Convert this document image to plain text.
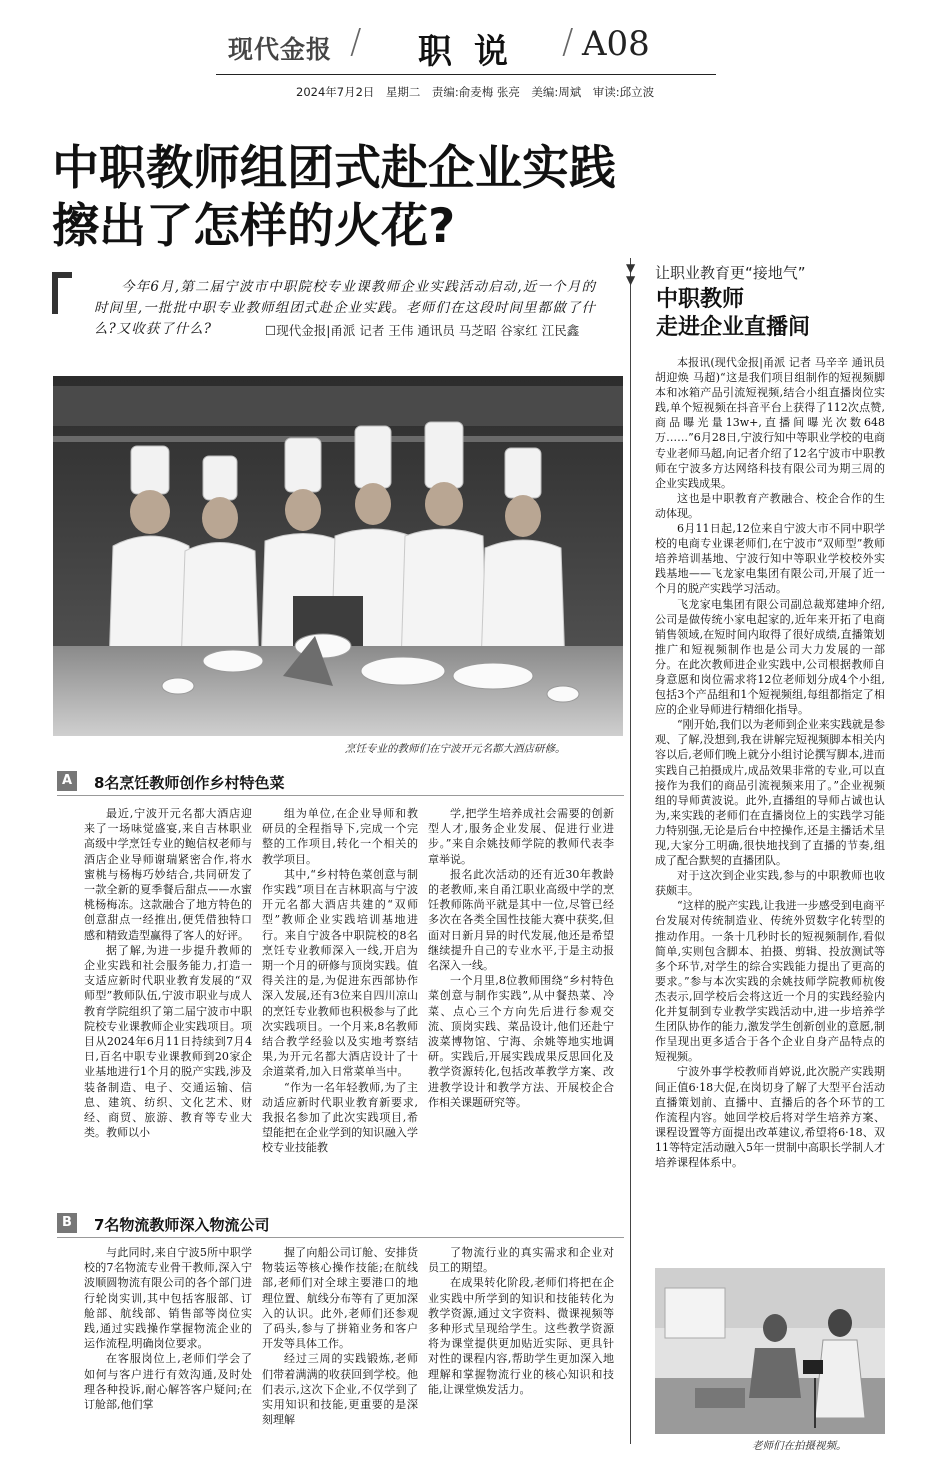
现代金报 / 职说 / A08
2024年7月2日　星期二　责编:俞麦梅 张亮　美编:周斌　审读:邱立波
中职教师组团式赴企业实践
擦出了怎样的火花?
今年6月,第二届宁波市中职院校专业课教师企业实践活动启动,近一个月的时间里,一批批中职专业教师组团式赴企业实践。老师们在这段时间里都做了什么?又收获了什么?	☐现代金报|甬派 记者 王伟 通讯员 马芝昭 谷家红 江民鑫
烹饪专业的教师们在宁波开元名都大酒店研修。
A	8名烹饪教师创作乡村特色菜

最近,宁波开元名都大酒店迎来了一场味觉盛宴,来自吉林职业高级中学烹饪专业的鲍信权老师与酒店企业导师谢瑞紧密合作,将水蜜桃与杨梅巧妙结合,共同研发了一款全新的夏季餐后甜点——水蜜桃杨梅冻。这款融合了地方特色的创意甜点一经推出,便凭借独特口感和精致造型赢得了客人的好评。

据了解,为进一步提升教师的企业实践和社会服务能力,打造一支适应新时代职业教育发展的“双师型”教师队伍,宁波市职业与成人教育学院组织了第二届宁波市中职院校专业课教师企业实践项目。项目从2024年6月11日持续到7月4日,百名中职专业课教师到20家企业基地进行1个月的脱产实践,涉及装备制造、电子、交通运输、信息、建筑、纺织、文化艺术、财经、商贸、旅游、教育等专业大类。教师以小

组为单位,在企业导师和教研员的全程指导下,完成一个完整的工作项目,转化一个相关的教学项目。

其中,“乡村特色菜创意与制作实践”项目在吉林职高与宁波开元名都大酒店共建的“双师型”教师企业实践培训基地进行。来自宁波各中职院校的8名烹饪专业教师深入一线,开启为期一个月的研修与顶岗实践。值得关注的是,为促进东西部协作深入发展,还有3位来自四川凉山的烹饪专业教师也积极参与了此次实践项目。一个月来,8名教师结合教学经验以及实地考察结果,为开元名都大酒店设计了十余道菜肴,加入日常菜单当中。

“作为一名年轻教师,为了主动适应新时代职业教育新要求,我报名参加了此次实践项目,希望能把在企业学到的知识融入学校专业技能教

学,把学生培养成社会需要的创新型人才,服务企业发展、促进行业进步。”来自余姚技师学院的教师代表李章举说。

报名此次活动的还有近30年教龄的老教师,来自甬江职业高级中学的烹饪教师陈尚平就是其中一位,尽管已经多次在各类全国性技能大赛中获奖,但面对日新月异的时代发展,他还是希望继续提升自己的专业水平,于是主动报名深入一线。

一个月里,8位教师围绕“乡村特色菜创意与制作实践”,从中餐热菜、冷菜、点心三个方向先后进行参观交流、顶岗实践、菜品设计,他们还赴宁波菜博物馆、宁海、余姚等地实地调研。实践后,开展实践成果反思回化及教学资源转化,包括改革教学方案、改进教学设计和教学方法、开展校企合作相关课题研究等。

B	7名物流教师深入物流公司

与此同时,来自宁波5所中职学校的7名物流专业骨干教师,深入宁波顺圆物流有限公司的各个部门进行轮岗实训,其中包括客服部、订舱部、航线部、销售部等岗位实践,通过实践操作掌握物流企业的运作流程,明确岗位要求。

在客服岗位上,老师们学会了如何与客户进行有效沟通,及时处理各种投诉,耐心解答客户疑问;在订舱部,他们掌

握了向船公司订舱、安排货物装运等核心操作技能;在航线部,老师们对全球主要港口的地理位置、航线分布等有了更加深入的认识。此外,老师们还参观了码头,参与了拼箱业务和客户开发等具体工作。

经过三周的实践锻炼,老师们带着满满的收获回到学校。他们表示,这次下企业,不仅学到了实用知识和技能,更重要的是深刻理解

了物流行业的真实需求和企业对员工的期望。

在成果转化阶段,老师们将把在企业实践中所学到的知识和技能转化为教学资源,通过文字资料、微课视频等多种形式呈现给学生。这些教学资源将为课堂提供更加贴近实际、更具针对性的课程内容,帮助学生更加深入地理解和掌握物流行业的核心知识和技能,让课堂焕发活力。

▼
▼ 让职业教育更“接地气”
中职教师
走进企业直播间

本报讯(现代金报|甬派 记者 马辛辛 通讯员 胡迎焕 马超)“这是我们项目组制作的短视频脚本和冰箱产品引流短视频,结合小组直播岗位实践,单个短视频在抖音平台上获得了112次点赞,商品曝光量13w+,直播间曝光次数648万……”6月28日,宁波行知中等职业学校的电商专业老师马超,向记者介绍了12名宁波市中职教师在宁波多方达网络科技有限公司为期三周的企业实践成果。

这也是中职教育产教融合、校企合作的生动体现。

6月11日起,12位来自宁波大市不同中职学校的电商专业课老师们,在宁波市“双师型”教师培养培训基地、宁波行知中等职业学校校外实践基地——飞龙家电集团有限公司,开展了近一个月的脱产实践学习活动。

飞龙家电集团有限公司副总裁郑建坤介绍,公司是做传统小家电起家的,近年来开拓了电商销售领域,在短时间内取得了很好成绩,直播策划推广和短视频制作也是公司大力发展的一部分。在此次教师进企业实践中,公司根据教师自身意愿和岗位需求将12位老师划分成4个小组,包括3个产品组和1个短视频组,每组都指定了相应的企业导师进行精细化指导。

“刚开始,我们以为老师到企业来实践就是参观、了解,没想到,我在讲解完短视频脚本相关内容以后,老师们晚上就分小组讨论撰写脚本,进而实践自己拍摄成片,成品效果非常的专业,可以直接作为我们的商品引流视频来用了。”企业视频组的导师黄波说。此外,直播组的导师占诚也认为,来实践的老师们在直播岗位上的实践学习能力特别强,无论是后台中控操作,还是主播话术呈现,大家分工明确,很快地找到了直播的节奏,组成了配合默契的直播团队。

对于这次到企业实践,参与的中职教师也收获颇丰。

“这样的脱产实践,让我进一步感受到电商平台发展对传统制造业、传统外贸数字化转型的推动作用。一条十几秒时长的短视频制作,看似简单,实则包含脚本、拍摄、剪辑、投放测试等多个环节,对学生的综合实践能力提出了更高的要求。”参与本次实践的余姚技师学院教师杭俊杰表示,回学校后会将这近一个月的实践经验内化并复制到专业教学实践活动中,进一步培养学生团队协作的能力,激发学生创新创业的意愿,制作呈现出更多适合于各个企业自身产品特点的短视频。

宁波外事学校教师肖婷说,此次脱产实践期间正值6·18大促,在岗切身了解了大型平台活动直播策划前、直播中、直播后的各个环节的工作流程内容。她回学校后将对学生培养方案、课程设置等方面提出改革建议,希望将6·18、双11等特定活动融入5年一贯制中高职长学制人才培养课程体系中。

老师们在拍摄视频。
